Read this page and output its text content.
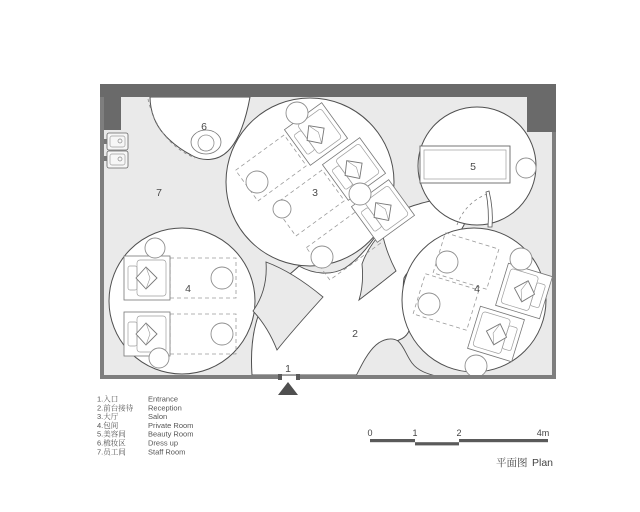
1
2
3
4	4
5
6
7
1.入口	Entrance
2.前台接待 Reception
3.大厅	Salon
4.包间	Private Room
5.美容间	Beauty Room
6.梳妆区	Dress up
7.员工间	Staff Room
0	1	2	4m
平面图 Plan
